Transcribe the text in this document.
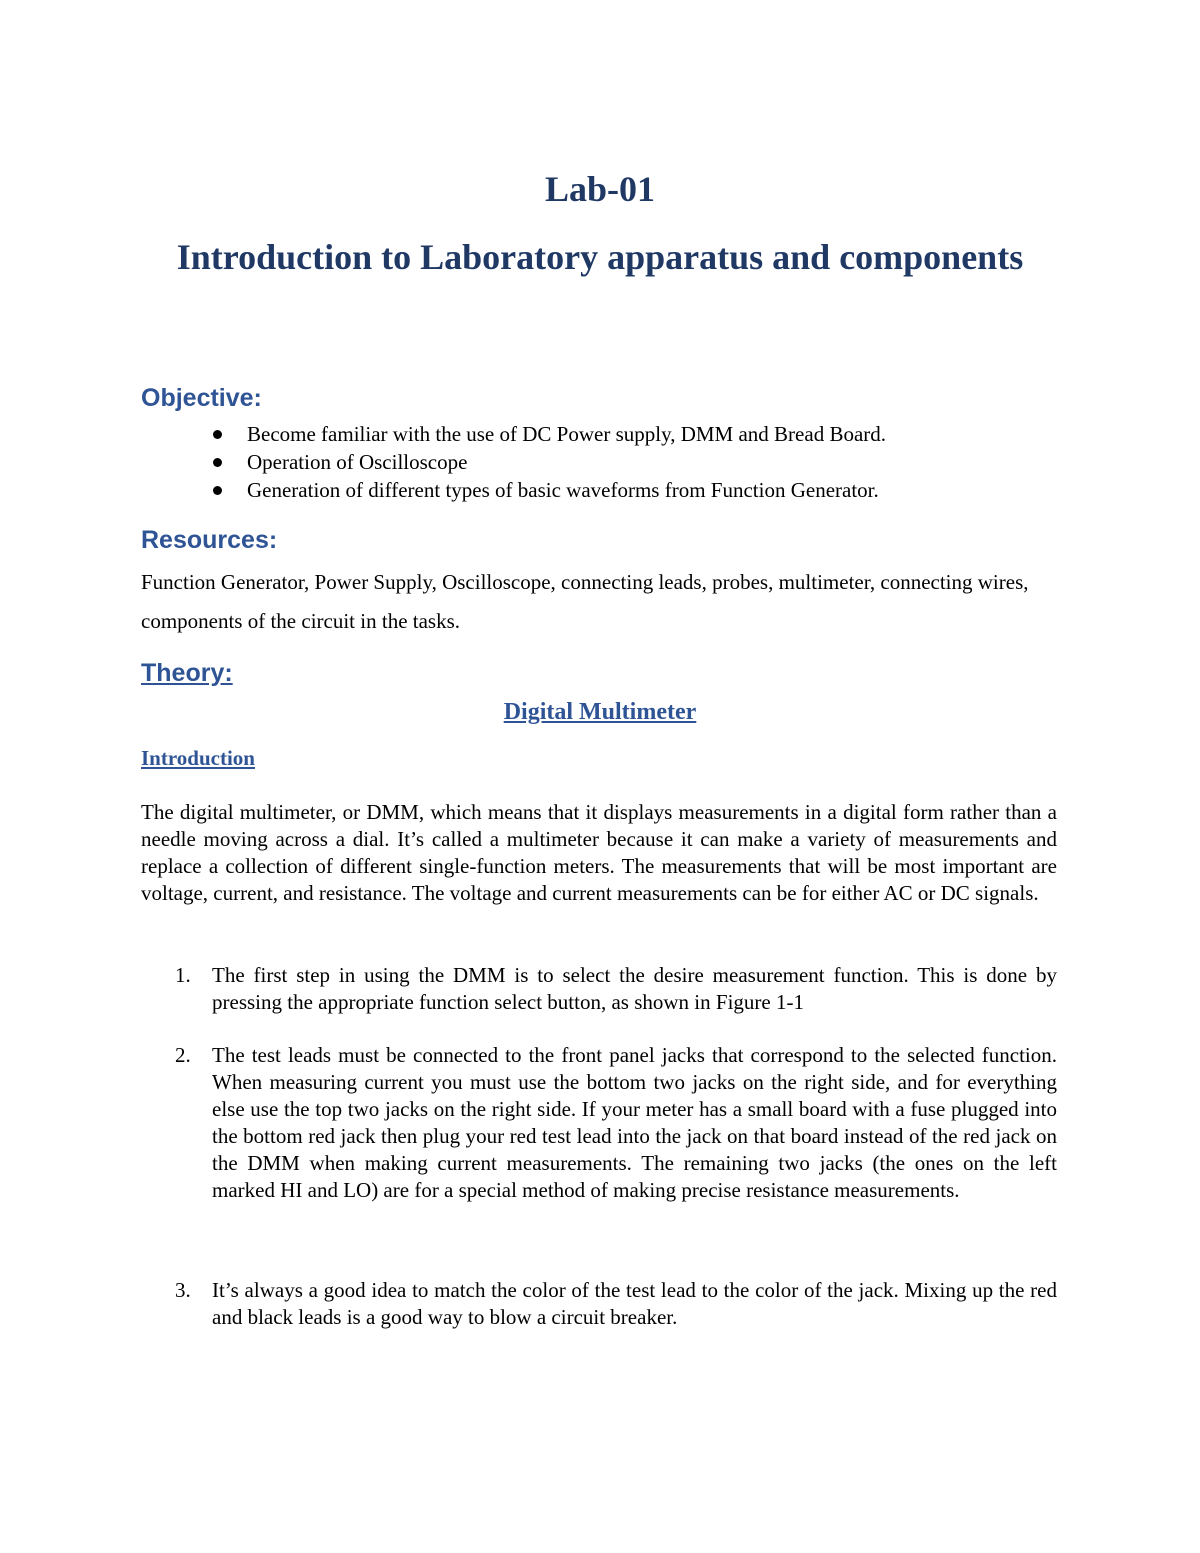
Lab-01
Introduction to Laboratory apparatus and components
Objective:
Become familiar with the use of DC Power supply, DMM and Bread Board.
Operation of Oscilloscope
Generation of different types of basic waveforms from Function Generator.
Resources:

Function Generator, Power Supply, Oscilloscope, connecting leads, probes, multimeter, connecting wires, components of the circuit in the tasks.

Theory:
Digital Multimeter
Introduction

The digital multimeter, or DMM, which means that it displays measurements in a digital form rather than a needle moving across a dial. It’s called a multimeter because it can make a variety of measurements and replace a collection of different single-function meters. The measurements that will be most important are voltage, current, and resistance. The voltage and current measurements can be for either AC or DC signals.

1. The first step in using the DMM is to select the desire measurement function. This is done by pressing the appropriate function select button, as shown in Figure 1-1

2. The test leads must be connected to the front panel jacks that correspond to the selected function. When measuring current you must use the bottom two jacks on the right side, and for everything else use the top two jacks on the right side. If your meter has a small board with a fuse plugged into the bottom red jack then plug your red test lead into the jack on that board instead of the red jack on the DMM when making current measurements. The remaining two jacks (the ones on the left marked HI and LO) are for a special method of making precise resistance measurements.

3. It’s always a good idea to match the color of the test lead to the color of the jack. Mixing up the red and black leads is a good way to blow a circuit breaker.
